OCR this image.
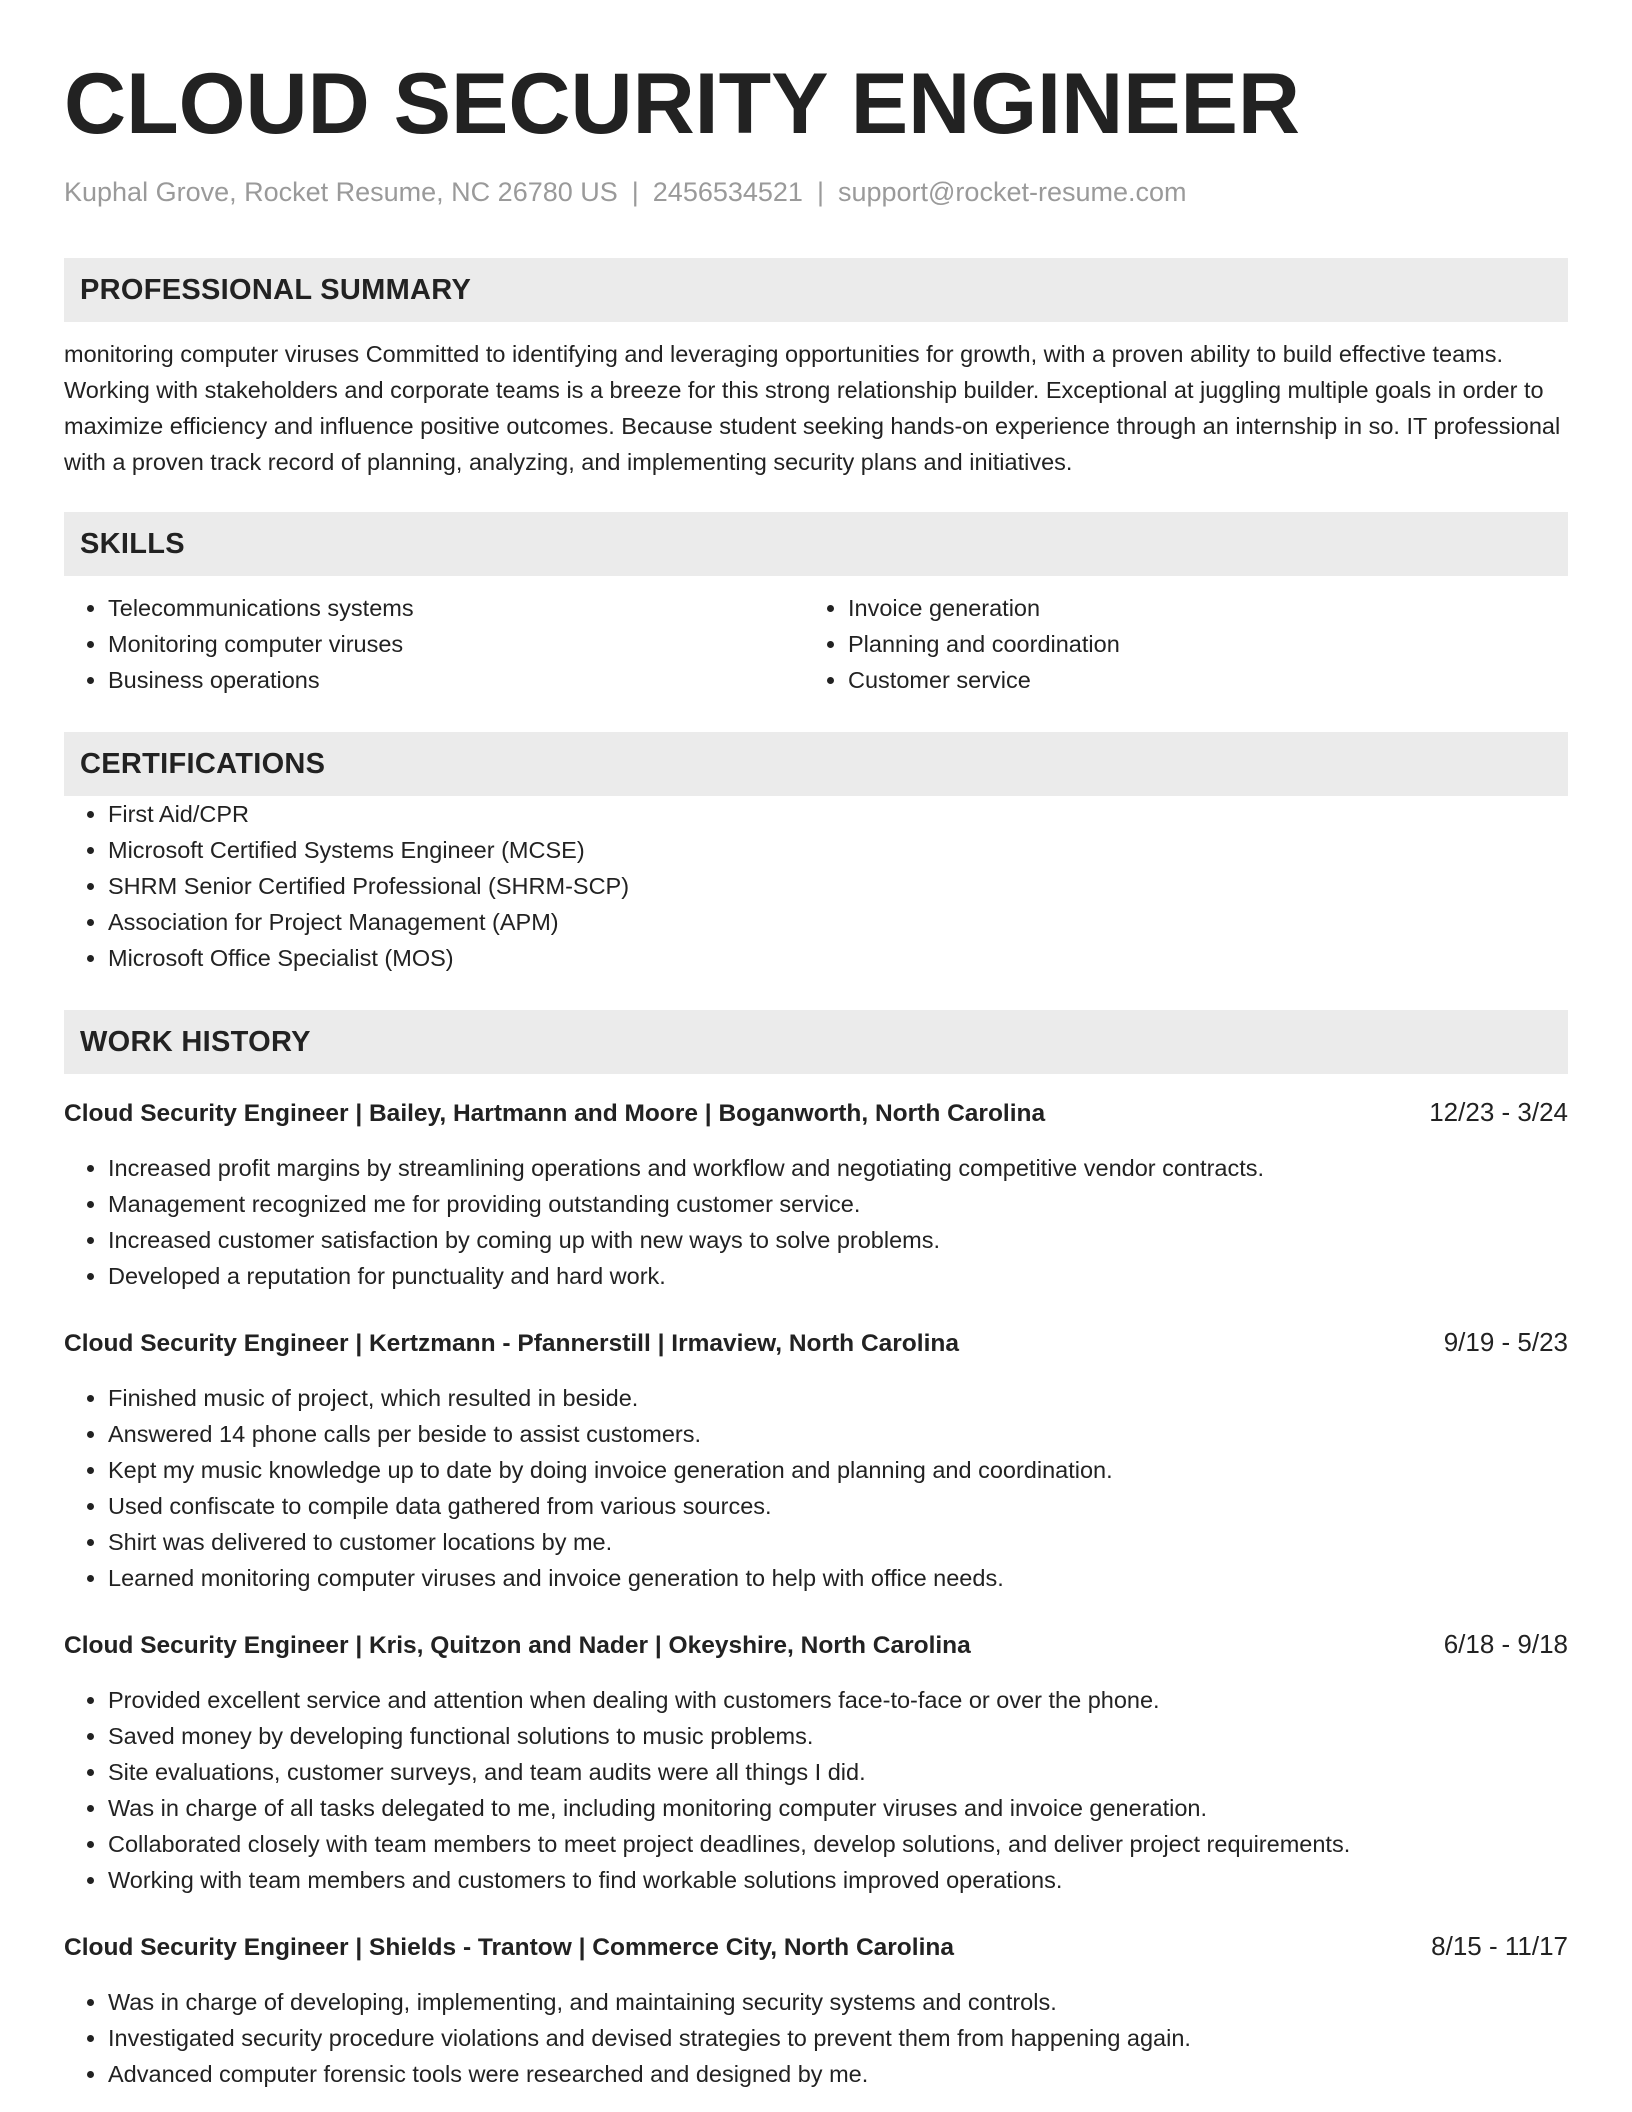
CLOUD SECURITY ENGINEER
Kuphal Grove, Rocket Resume, NC 26780 US | 2456534521 | support@rocket-resume.com
PROFESSIONAL SUMMARY

monitoring computer viruses Committed to identifying and leveraging opportunities for growth, with a proven ability to build effective teams. Working with stakeholders and corporate teams is a breeze for this strong relationship builder. Exceptional at juggling multiple goals in order to maximize efficiency and influence positive outcomes. Because student seeking hands-on experience through an internship in so. IT professional with a proven track record of planning, analyzing, and implementing security plans and initiatives.

SKILLS
• Telecommunications systems
• Monitoring computer viruses
• Business operations
• Invoice generation
• Planning and coordination
• Customer service
CERTIFICATIONS
• First Aid/CPR
• Microsoft Certified Systems Engineer (MCSE)
• SHRM Senior Certified Professional (SHRM-SCP)
• Association for Project Management (APM)
• Microsoft Office Specialist (MOS)
WORK HISTORY
Cloud Security Engineer | Bailey, Hartmann and Moore | Boganworth, North Carolina	12/23 - 3/24
• Increased profit margins by streamlining operations and workflow and negotiating competitive vendor contracts.
• Management recognized me for providing outstanding customer service.
• Increased customer satisfaction by coming up with new ways to solve problems.
• Developed a reputation for punctuality and hard work.
Cloud Security Engineer | Kertzmann - Pfannerstill | Irmaview, North Carolina	9/19 - 5/23
• Finished music of project, which resulted in beside.
• Answered 14 phone calls per beside to assist customers.
• Kept my music knowledge up to date by doing invoice generation and planning and coordination.
• Used confiscate to compile data gathered from various sources.
• Shirt was delivered to customer locations by me.
• Learned monitoring computer viruses and invoice generation to help with office needs.
Cloud Security Engineer | Kris, Quitzon and Nader | Okeyshire, North Carolina	6/18 - 9/18
• Provided excellent service and attention when dealing with customers face-to-face or over the phone.
• Saved money by developing functional solutions to music problems.
• Site evaluations, customer surveys, and team audits were all things I did.
• Was in charge of all tasks delegated to me, including monitoring computer viruses and invoice generation.
• Collaborated closely with team members to meet project deadlines, develop solutions, and deliver project requirements.
• Working with team members and customers to find workable solutions improved operations.
Cloud Security Engineer | Shields - Trantow | Commerce City, North Carolina	8/15 - 11/17
• Was in charge of developing, implementing, and maintaining security systems and controls.
• Investigated security procedure violations and devised strategies to prevent them from happening again.
• Advanced computer forensic tools were researched and designed by me.
